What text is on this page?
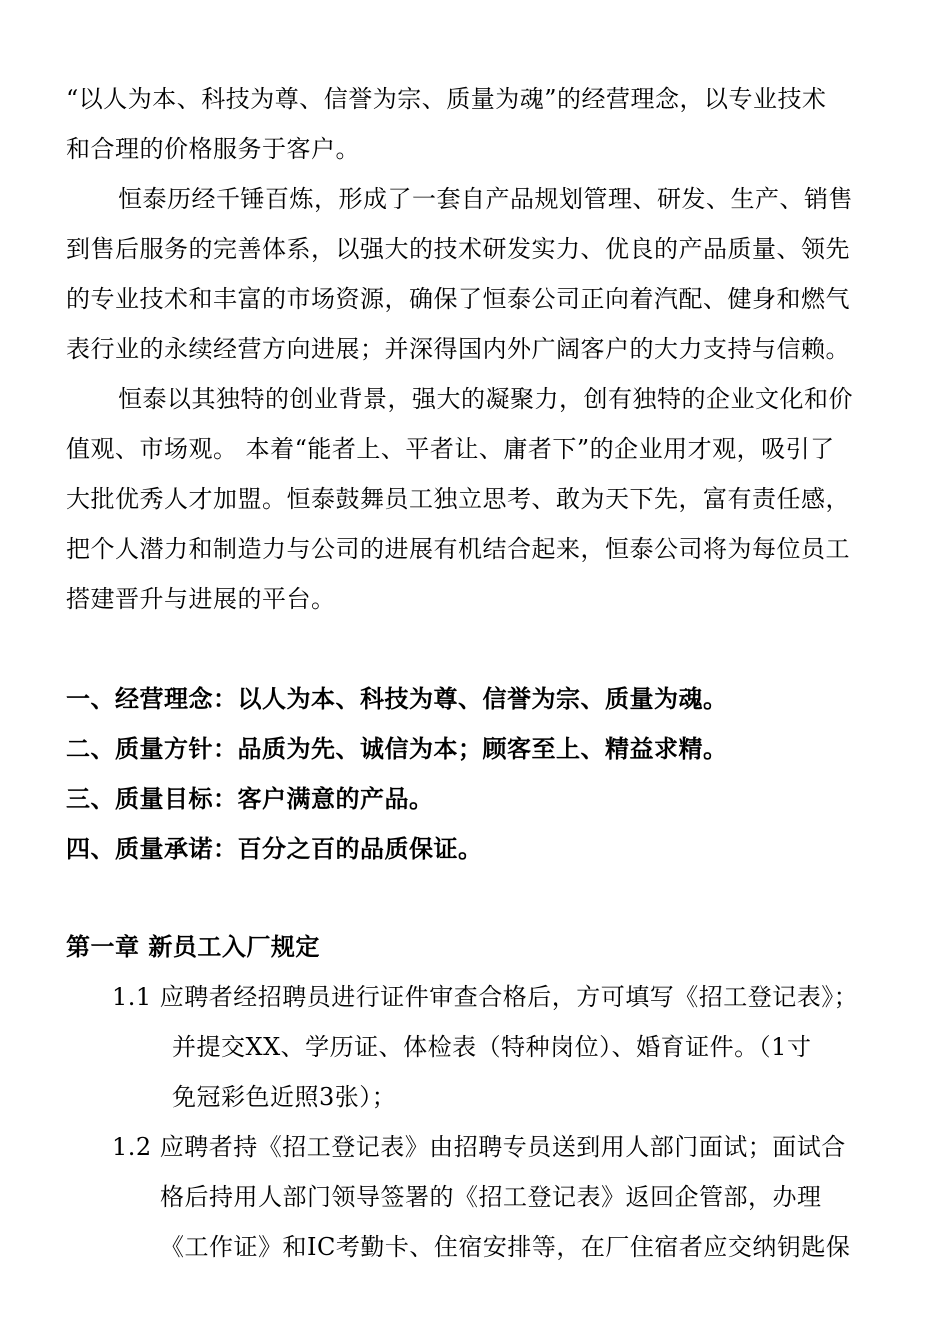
“以人为本、科技为尊、信誉为宗、质量为魂”的经营理念，以专业技术
和合理的价格服务于客户。
恒泰历经千锤百炼，形成了一套自产品规划管理、研发、生产、销售
到售后服务的完善体系，以强大的技术研发实力、优良的产品质量、领先
的专业技术和丰富的市场资源，确保了恒泰公司正向着汽配、健身和燃气
表行业的永续经营方向进展；并深得国内外广阔客户的大力支持与信赖。
恒泰以其独特的创业背景，强大的凝聚力，创有独特的企业文化和价
值观、市场观。 本着“能者上、平者让、庸者下”的企业用才观，吸引了
大批优秀人才加盟。恒泰鼓舞员工独立思考、敢为天下先，富有责任感，
把个人潜力和制造力与公司的进展有机结合起来，恒泰公司将为每位员工
搭建晋升与进展的平台。
一、经营理念：以人为本、科技为尊、信誉为宗、质量为魂。
二、质量方针：品质为先、诚信为本；顾客至上、精益求精。
三、质量目标：客户满意的产品。
四、质量承诺：百分之百的品质保证。
第一章 新员工入厂规定
1.1 应聘者经招聘员进行证件审查合格后，方可填写《招工登记表》；
并提交XX、学历证、体检表（特种岗位）、婚育证件。（1寸
免冠彩色近照3张）；
1.2 应聘者持《招工登记表》由招聘专员送到用人部门面试；面试合
格后持用人部门领导签署的《招工登记表》返回企管部，办理
《工作证》和IC考勤卡、住宿安排等，在厂住宿者应交纳钥匙保
